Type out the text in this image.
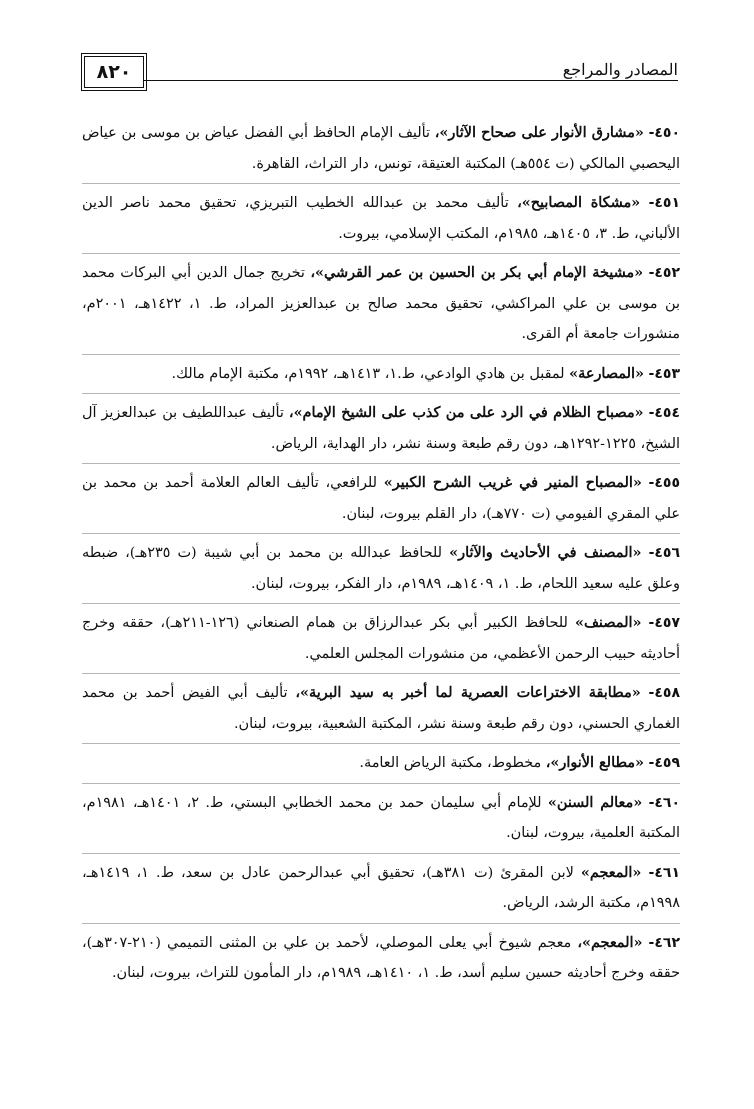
٨٢٠	المصادر والمراجع
٤٥٠- «مشارق الأنوار على صحاح الآثار»، تأليف الإمام الحافظ أبي الفضل عياض بن موسى بن عياض اليحصبي المالكي (ت ٥٥٤هـ) المكتبة العتيقة، تونس، دار التراث، القاهرة.
٤٥١- «مشكاة المصابيح»، تأليف محمد بن عبدالله الخطيب التبريزي، تحقيق محمد ناصر الدين الألباني، ط. ٣، ١٤٠٥هـ، ١٩٨٥م، المكتب الإسلامي، بيروت.
٤٥٢- «مشيخة الإمام أبي بكر بن الحسين بن عمر القرشي»، تخريج جمال الدين أبي البركات محمد بن موسى بن علي المراكشي، تحقيق محمد صالح بن عبدالعزيز المراد، ط. ١، ١٤٢٢هـ، ٢٠٠١م، منشورات جامعة أم القرى.
٤٥٣- «المصارعة» لمقبل بن هادي الوادعي، ط.١، ١٤١٣هـ، ١٩٩٢م، مكتبة الإمام مالك.
٤٥٤- «مصباح الظلام في الرد على من كذب على الشيخ الإمام»، تأليف عبداللطيف بن عبدالعزيز آل الشيخ، ١٢٢٥-١٢٩٢هـ، دون رقم طبعة وسنة نشر، دار الهداية، الرياض.
٤٥٥- «المصباح المنير في غريب الشرح الكبير» للرافعي، تأليف العالم العلامة أحمد بن محمد بن علي المقري الفيومي (ت ٧٧٠هـ)، دار القلم بيروت، لبنان.
٤٥٦- «المصنف في الأحاديث والآثار» للحافظ عبدالله بن محمد بن أبي شيبة (ت ٢٣٥هـ)، ضبطه وعلق عليه سعيد اللحام، ط. ١، ١٤٠٩هـ، ١٩٨٩م، دار الفكر، بيروت، لبنان.
٤٥٧- «المصنف» للحافظ الكبير أبي بكر عبدالرزاق بن همام الصنعاني (١٢٦-٢١١هـ)، حققه وخرج أحاديثه حبيب الرحمن الأعظمي، من منشورات المجلس العلمي.
٤٥٨- «مطابقة الاختراعات العصرية لما أخبر به سيد البرية»، تأليف أبي الفيض أحمد بن محمد الغماري الحسني، دون رقم طبعة وسنة نشر، المكتبة الشعبية، بيروت، لبنان.
٤٥٩- «مطالع الأنوار»، مخطوط، مكتبة الرياض العامة.
٤٦٠- «معالم السنن» للإمام أبي سليمان حمد بن محمد الخطابي البستي، ط. ٢، ١٤٠١هـ، ١٩٨١م، المكتبة العلمية، بيروت، لبنان.
٤٦١- «المعجم» لابن المقرئ (ت ٣٨١هـ)، تحقيق أبي عبدالرحمن عادل بن سعد، ط. ١، ١٤١٩هـ، ١٩٩٨م، مكتبة الرشد، الرياض.
٤٦٢- «المعجم»، معجم شيوخ أبي يعلى الموصلي، لأحمد بن علي بن المثنى التميمي (٢١٠-٣٠٧هـ)، حققه وخرج أحاديثه حسين سليم أسد، ط. ١، ١٤١٠هـ، ١٩٨٩م، دار المأمون للتراث، بيروت، لبنان.
